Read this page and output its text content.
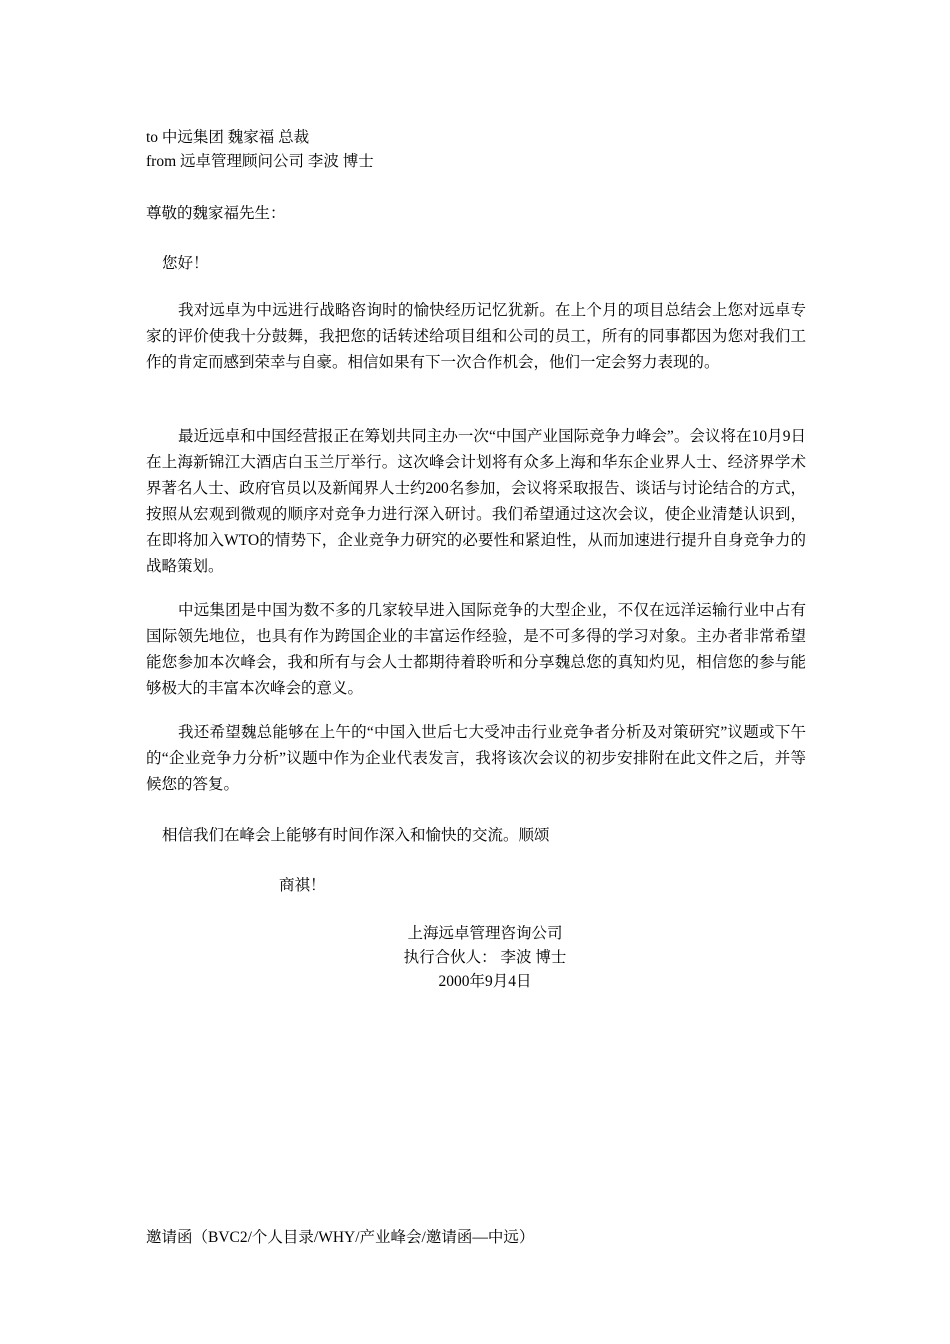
to 中远集团 魏家福 总裁
from 远卓管理顾问公司 李波 博士
尊敬的魏家福先生：
您好！
我对远卓为中远进行战略咨询时的愉快经历记忆犹新。在上个月的项目总结会上您对远卓专家的评价使我十分鼓舞，我把您的话转述给项目组和公司的员工，所有的同事都因为您对我们工作的肯定而感到荣幸与自豪。相信如果有下一次合作机会，他们一定会努力表现的。
最近远卓和中国经营报正在筹划共同主办一次“中国产业国际竞争力峰会”。会议将在10月9日在上海新锦江大酒店白玉兰厅举行。这次峰会计划将有众多上海和华东企业界人士、经济界学术界著名人士、政府官员以及新闻界人士约200名参加，会议将采取报告、谈话与讨论结合的方式，按照从宏观到微观的顺序对竞争力进行深入研讨。我们希望通过这次会议，使企业清楚认识到，在即将加入WTO的情势下，企业竞争力研究的必要性和紧迫性，从而加速进行提升自身竞争力的战略策划。
中远集团是中国为数不多的几家较早进入国际竞争的大型企业，不仅在远洋运输行业中占有国际领先地位，也具有作为跨国企业的丰富运作经验，是不可多得的学习对象。主办者非常希望能您参加本次峰会，我和所有与会人士都期待着聆听和分享魏总您的真知灼见，相信您的参与能够极大的丰富本次峰会的意义。
我还希望魏总能够在上午的“中国入世后七大受冲击行业竞争者分析及对策研究”议题或下午的“企业竞争力分析”议题中作为企业代表发言，我将该次会议的初步安排附在此文件之后，并等候您的答复。
相信我们在峰会上能够有时间作深入和愉快的交流。顺颂
商祺！
上海远卓管理咨询公司
执行合伙人： 李波 博士
2000年9月4日
邀请函（BVC2/个人目录/WHY/产业峰会/邀请函—中远）
